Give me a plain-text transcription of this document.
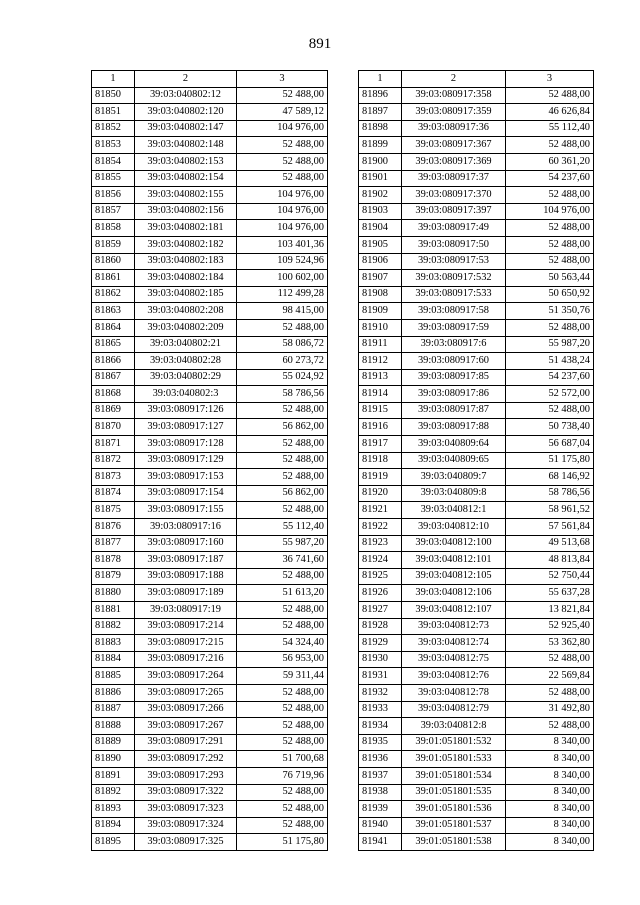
891
1	2	3
81850	39:03:040802:12	52 488,00
81851	39:03:040802:120	47 589,12
81852	39:03:040802:147	104 976,00
81853	39:03:040802:148	52 488,00
81854	39:03:040802:153	52 488,00
81855	39:03:040802:154	52 488,00
81856	39:03:040802:155	104 976,00
81857	39:03:040802:156	104 976,00
81858	39:03:040802:181	104 976,00
81859	39:03:040802:182	103 401,36
81860	39:03:040802:183	109 524,96
81861	39:03:040802:184	100 602,00
81862	39:03:040802:185	112 499,28
81863	39:03:040802:208	98 415,00
81864	39:03:040802:209	52 488,00
81865	39:03:040802:21	58 086,72
81866	39:03:040802:28	60 273,72
81867	39:03:040802:29	55 024,92
81868	39:03:040802:3	58 786,56
81869	39:03:080917:126	52 488,00
81870	39:03:080917:127	56 862,00
81871	39:03:080917:128	52 488,00
81872	39:03:080917:129	52 488,00
81873	39:03:080917:153	52 488,00
81874	39:03:080917:154	56 862,00
81875	39:03:080917:155	52 488,00
81876	39:03:080917:16	55 112,40
81877	39:03:080917:160	55 987,20
81878	39:03:080917:187	36 741,60
81879	39:03:080917:188	52 488,00
81880	39:03:080917:189	51 613,20
81881	39:03:080917:19	52 488,00
81882	39:03:080917:214	52 488,00
81883	39:03:080917:215	54 324,40
81884	39:03:080917:216	56 953,00
81885	39:03:080917:264	59 311,44
81886	39:03:080917:265	52 488,00
81887	39:03:080917:266	52 488,00
81888	39:03:080917:267	52 488,00
81889	39:03:080917:291	52 488,00
81890	39:03:080917:292	51 700,68
81891	39:03:080917:293	76 719,96
81892	39:03:080917:322	52 488,00
81893	39:03:080917:323	52 488,00
81894	39:03:080917:324	52 488,00
81895	39:03:080917:325	51 175,80
1	2	3
81896	39:03:080917:358	52 488,00
81897	39:03:080917:359	46 626,84
81898	39:03:080917:36	55 112,40
81899	39:03:080917:367	52 488,00
81900	39:03:080917:369	60 361,20
81901	39:03:080917:37	54 237,60
81902	39:03:080917:370	52 488,00
81903	39:03:080917:397	104 976,00
81904	39:03:080917:49	52 488,00
81905	39:03:080917:50	52 488,00
81906	39:03:080917:53	52 488,00
81907	39:03:080917:532	50 563,44
81908	39:03:080917:533	50 650,92
81909	39:03:080917:58	51 350,76
81910	39:03:080917:59	52 488,00
81911	39:03:080917:6	55 987,20
81912	39:03:080917:60	51 438,24
81913	39:03:080917:85	54 237,60
81914	39:03:080917:86	52 572,00
81915	39:03:080917:87	52 488,00
81916	39:03:080917:88	50 738,40
81917	39:03:040809:64	56 687,04
81918	39:03:040809:65	51 175,80
81919	39:03:040809:7	68 146,92
81920	39:03:040809:8	58 786,56
81921	39:03:040812:1	58 961,52
81922	39:03:040812:10	57 561,84
81923	39:03:040812:100	49 513,68
81924	39:03:040812:101	48 813,84
81925	39:03:040812:105	52 750,44
81926	39:03:040812:106	55 637,28
81927	39:03:040812:107	13 821,84
81928	39:03:040812:73	52 925,40
81929	39:03:040812:74	53 362,80
81930	39:03:040812:75	52 488,00
81931	39:03:040812:76	22 569,84
81932	39:03:040812:78	52 488,00
81933	39:03:040812:79	31 492,80
81934	39:03:040812:8	52 488,00
81935	39:01:051801:532	8 340,00
81936	39:01:051801:533	8 340,00
81937	39:01:051801:534	8 340,00
81938	39:01:051801:535	8 340,00
81939	39:01:051801:536	8 340,00
81940	39:01:051801:537	8 340,00
81941	39:01:051801:538	8 340,00
